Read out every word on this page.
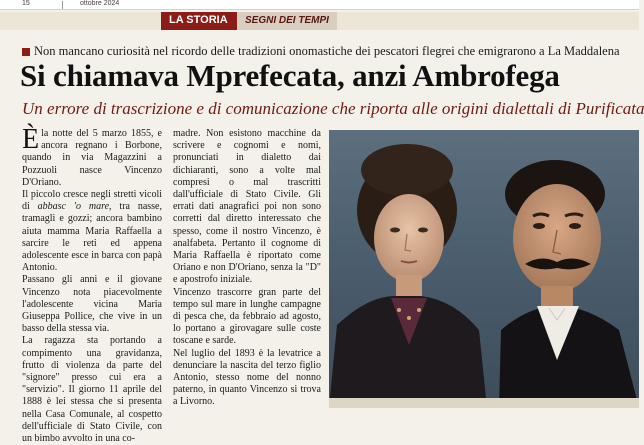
15	ottobre 2024
LA STORIA	SEGNI DEI TEMPI
Non mancano curiosità nel ricordo delle tradizioni onomastiche dei pescatori flegrei che emigrarono a La Maddalena
Si chiamava Mprefecata, anzi Ambrofega
Un errore di trascrizione e di comunicazione che riporta alle origini dialettali di Purificata

Èla notte del 5 marzo 1855, e ancora regnano i Borbone, quando in via Magazzini a Pozzuoli nasce Vincenzo D'Oriano.

Il piccolo cresce negli stretti vicoli di abbasc 'o mare, tra nasse, tramagli e gozzi; ancora bambino aiuta mamma Maria Raffaella a sarcire le reti ed appena adolescente esce in barca con papà Antonio.

Passano gli anni e il giovane Vincenzo nota piacevolmente l'adolescente vicina Maria Giuseppa Pollice, che vive in un basso della stessa via.

La ragazza sta portando a compimento una gravidanza, frutto di violenza da parte del "signore" presso cui era a "servizio". Il giorno 11 aprile del 1888 è lei stessa che si presenta nella Casa Comunale, al cospetto dell'ufficiale di Stato Civile, con un bimbo avvolto in una co-

madre. Non esistono macchine da scrivere e cognomi e nomi, pronunciati in dialetto dai dichiaranti, sono a volte mal compresi o mal trascritti dall'ufficiale di Stato Civile. Gli errati dati anagrafici poi non sono corretti dal diretto interessato che spesso, come il nostro Vincenzo, è analfabeta. Pertanto il cognome di Maria Raffaella è riportato come Oriano e non D'Oriano, senza la "D" e apostrofo iniziale.

Vincenzo trascorre gran parte del tempo sul mare in lunghe campagne di pesca che, da febbraio ad agosto, lo portano a girovagare sulle coste toscane e sarde.

Nel luglio del 1893 è la levatrice a denunciare la nascita del terzo figlio Antonio, stesso nome del nonno paterno, in quanto Vincenzo si trova a Livorno.
